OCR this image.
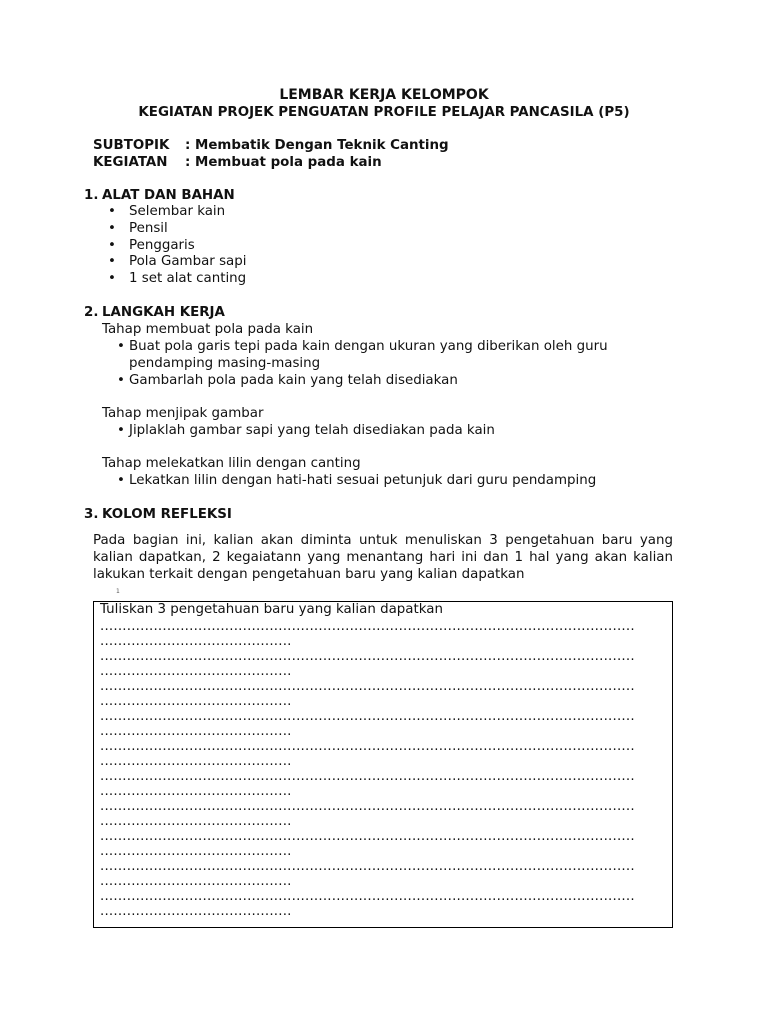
LEMBAR KERJA KELOMPOK
KEGIATAN PROJEK PENGUATAN PROFILE PELAJAR PANCASILA (P5)
SUBTOPIK : Membatik Dengan Teknik Canting
KEGIATAN : Membuat pola pada kain
1. ALAT DAN BAHAN
• Selembar kain
• Pensil
• Penggaris
• Pola Gambar sapi
• 1 set alat canting
2. LANGKAH KERJA
Tahap membuat pola pada kain
• Buat pola garis tepi pada kain dengan ukuran yang diberikan oleh guru pendamping masing-masing
• Gambarlah pola pada kain yang telah disediakan
Tahap menjipak gambar
• Jiplaklah gambar sapi yang telah disediakan pada kain
Tahap melekatkan lilin dengan canting
• Lekatkan lilin dengan hati-hati sesuai petunjuk dari guru pendamping
3. KOLOM REFLEKSI
Pada bagian ini, kalian akan diminta untuk menuliskan 3 pengetahuan baru yang kalian dapatkan, 2 kegaiatann yang menantang hari ini dan 1 hal yang akan kalian lakukan terkait dengan pengetahuan baru yang kalian dapatkan
1
Tuliskan 3 pengetahuan baru yang kalian dapatkan
........................................................................................................................
...........................................
........................................................................................................................
...........................................
........................................................................................................................
...........................................
........................................................................................................................
...........................................
........................................................................................................................
...........................................
........................................................................................................................
...........................................
........................................................................................................................
...........................................
........................................................................................................................
...........................................
........................................................................................................................
...........................................
........................................................................................................................
...........................................
